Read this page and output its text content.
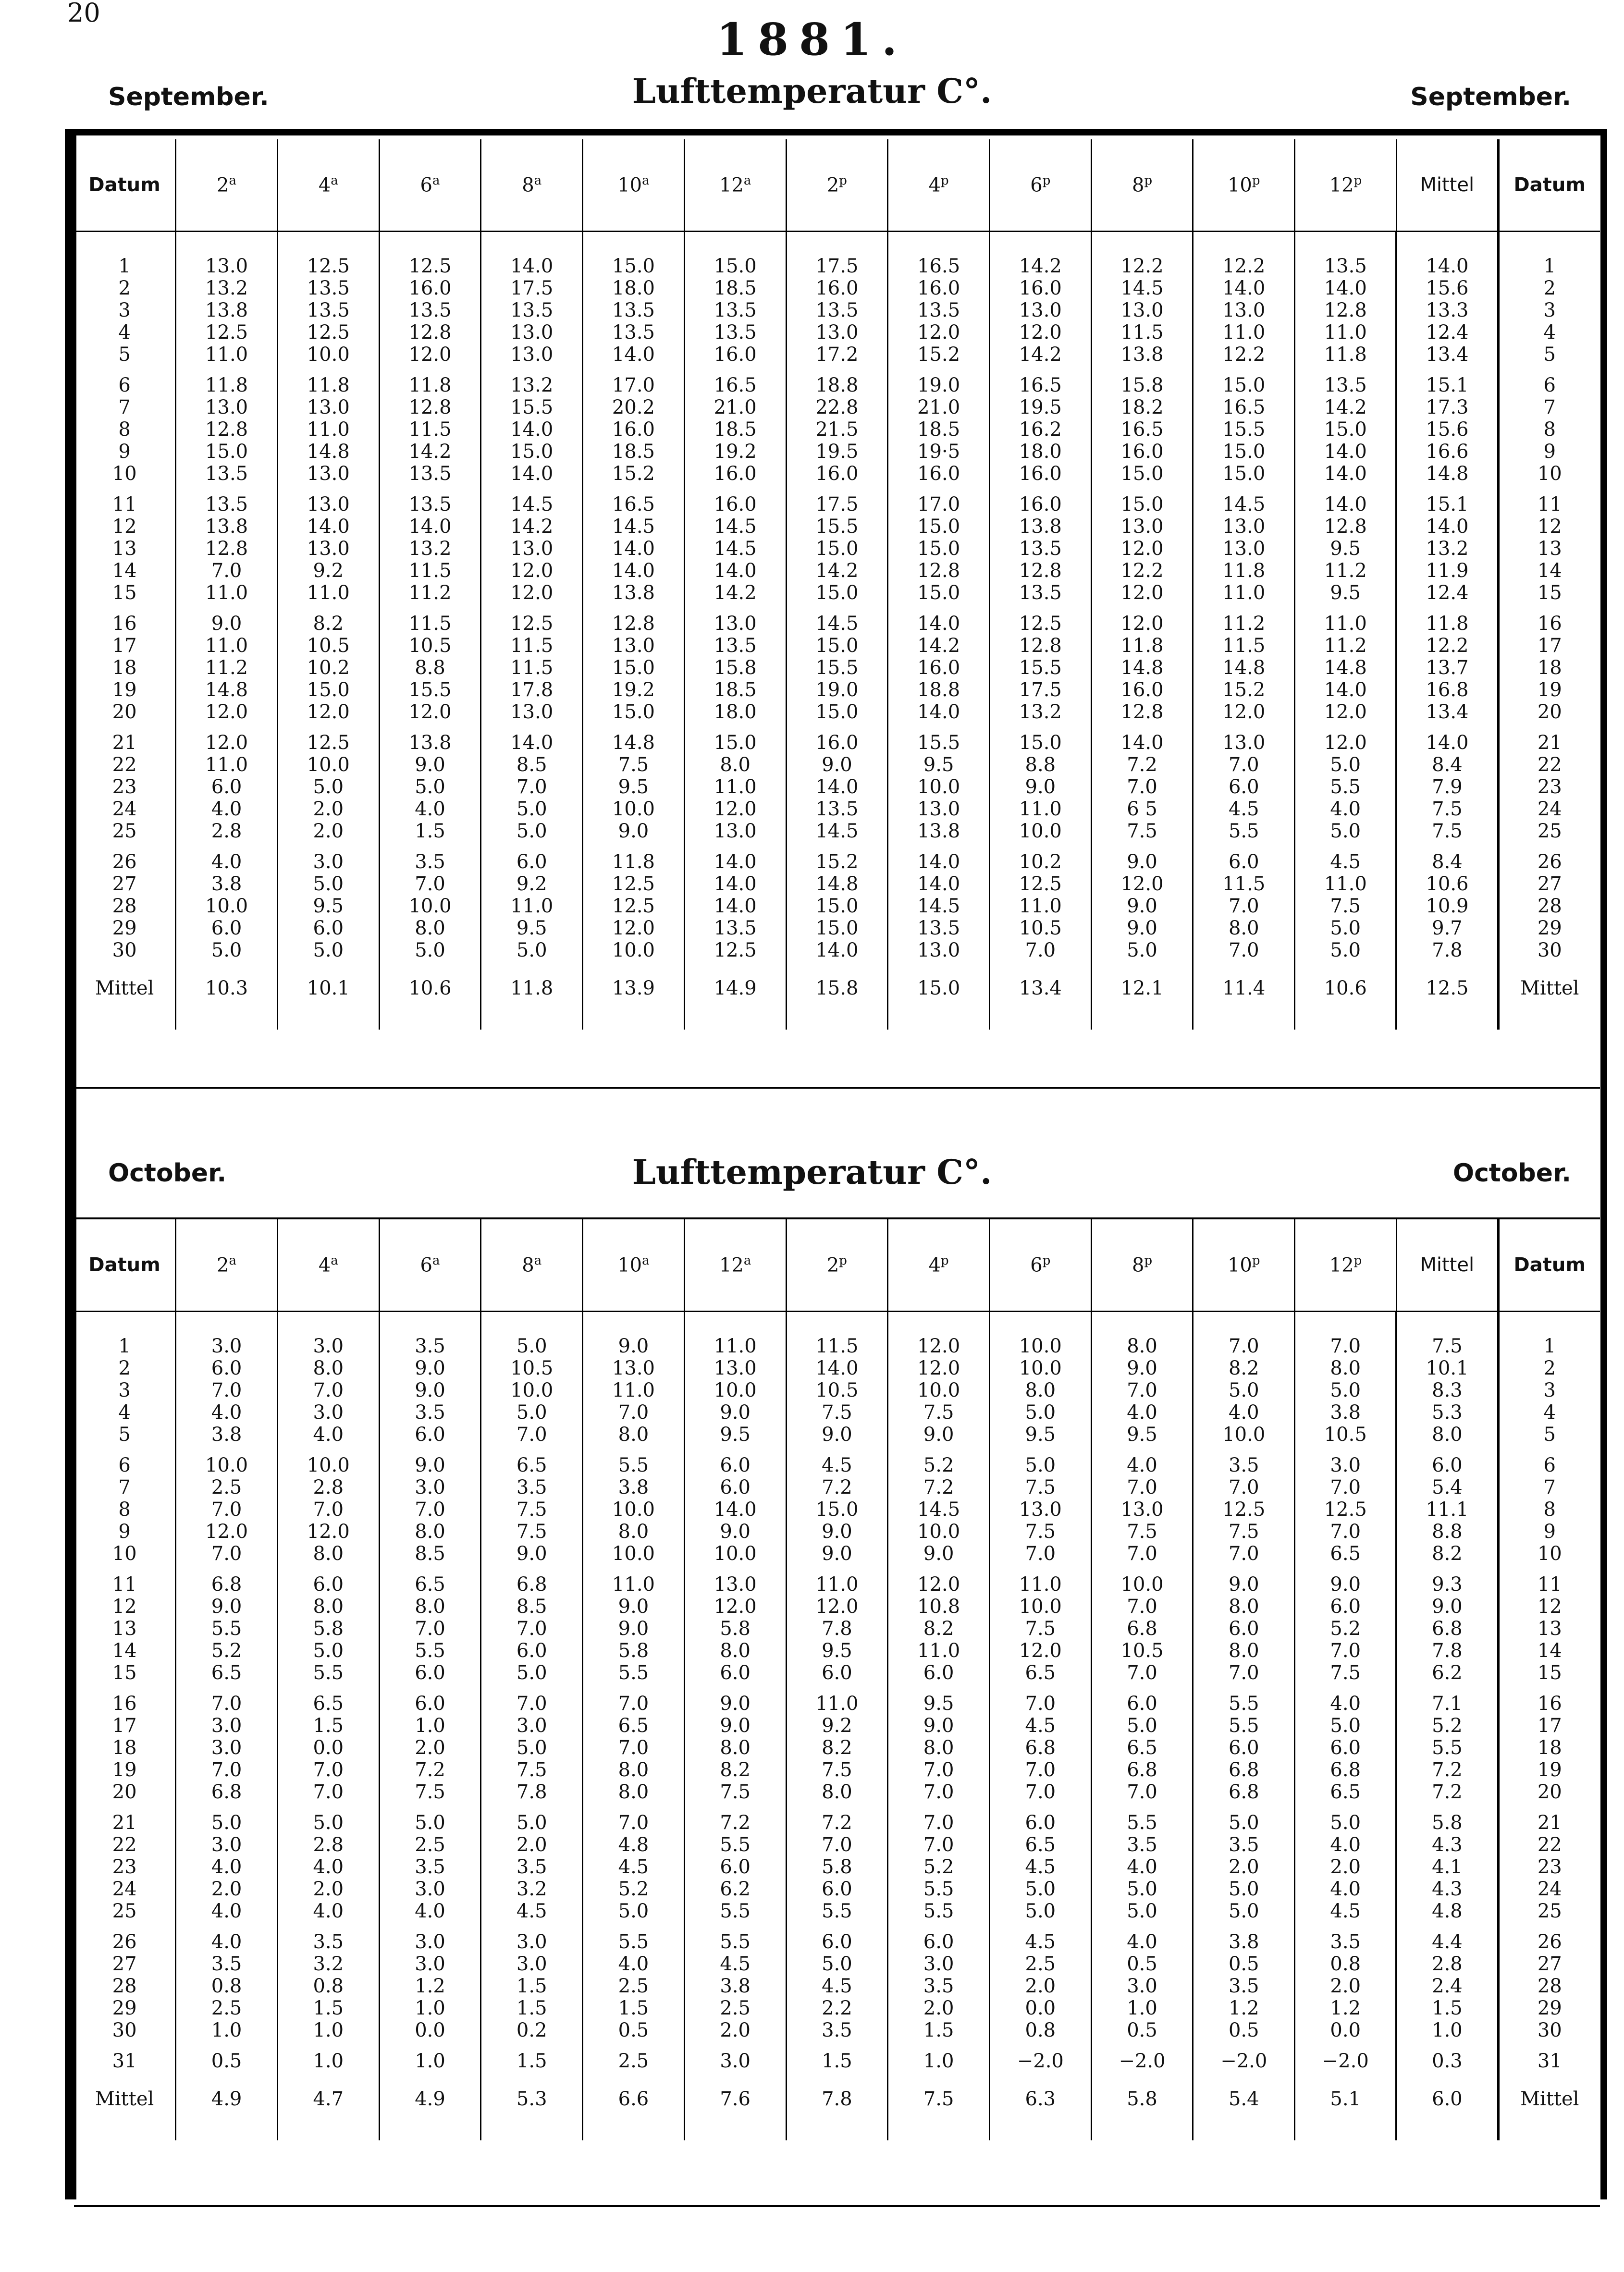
20
1881.
September.	Lufttemperatur C°.	September.
Datum	2$^a$	4$^a$	6$^a$	8$^a$	10$^a$	12$^a$	2$^p$	4$^p$	6$^p$	8$^p$	10$^p$	12$^p$	Mittel	Datum

1	13.0	12.5	12.5	14.0	15.0	15.0	17.5	16.5	14.2	12.2	12.2	13.5	14.0	1
2	13.2	13.5	16.0	17.5	18.0	18.5	16.0	16.0	16.0	14.5	14.0	14.0	15.6	2
3	13.8	13.5	13.5	13.5	13.5	13.5	13.5	13.5	13.0	13.0	13.0	12.8	13.3	3
4	12.5	12.5	12.8	13.0	13.5	13.5	13.0	12.0	12.0	11.5	11.0	11.0	12.4	4
5	11.0	10.0	12.0	13.0	14.0	16.0	17.2	15.2	14.2	13.8	12.2	11.8	13.4	5

6	11.8	11.8	11.8	13.2	17.0	16.5	18.8	19.0	16.5	15.8	15.0	13.5	15.1	6
7	13.0	13.0	12.8	15.5	20.2	21.0	22.8	21.0	19.5	18.2	16.5	14.2	17.3	7
8	12.8	11.0	11.5	14.0	16.0	18.5	21.5	18.5	16.2	16.5	15.5	15.0	15.6	8
9	15.0	14.8	14.2	15.0	18.5	19.2	19.5	19·5	18.0	16.0	15.0	14.0	16.6	9
10	13.5	13.0	13.5	14.0	15.2	16.0	16.0	16.0	16.0	15.0	15.0	14.0	14.8	10

11	13.5	13.0	13.5	14.5	16.5	16.0	17.5	17.0	16.0	15.0	14.5	14.0	15.1	11
12	13.8	14.0	14.0	14.2	14.5	14.5	15.5	15.0	13.8	13.0	13.0	12.8	14.0	12
13	12.8	13.0	13.2	13.0	14.0	14.5	15.0	15.0	13.5	12.0	13.0	9.5	13.2	13
14	7.0	9.2	11.5	12.0	14.0	14.0	14.2	12.8	12.8	12.2	11.8	11.2	11.9	14
15	11.0	11.0	11.2	12.0	13.8	14.2	15.0	15.0	13.5	12.0	11.0	9.5	12.4	15

16	9.0	8.2	11.5	12.5	12.8	13.0	14.5	14.0	12.5	12.0	11.2	11.0	11.8	16
17	11.0	10.5	10.5	11.5	13.0	13.5	15.0	14.2	12.8	11.8	11.5	11.2	12.2	17
18	11.2	10.2	8.8	11.5	15.0	15.8	15.5	16.0	15.5	14.8	14.8	14.8	13.7	18
19	14.8	15.0	15.5	17.8	19.2	18.5	19.0	18.8	17.5	16.0	15.2	14.0	16.8	19
20	12.0	12.0	12.0	13.0	15.0	18.0	15.0	14.0	13.2	12.8	12.0	12.0	13.4	20

21	12.0	12.5	13.8	14.0	14.8	15.0	16.0	15.5	15.0	14.0	13.0	12.0	14.0	21
22	11.0	10.0	9.0	8.5	7.5	8.0	9.0	9.5	8.8	7.2	7.0	5.0	8.4	22
23	6.0	5.0	5.0	7.0	9.5	11.0	14.0	10.0	9.0	7.0	6.0	5.5	7.9	23
24	4.0	2.0	4.0	5.0	10.0	12.0	13.5	13.0	11.0	6 5	4.5	4.0	7.5	24
25	2.8	2.0	1.5	5.0	9.0	13.0	14.5	13.8	10.0	7.5	5.5	5.0	7.5	25

26	4.0	3.0	3.5	6.0	11.8	14.0	15.2	14.0	10.2	9.0	6.0	4.5	8.4	26
27	3.8	5.0	7.0	9.2	12.5	14.0	14.8	14.0	12.5	12.0	11.5	11.0	10.6	27
28	10.0	9.5	10.0	11.0	12.5	14.0	15.0	14.5	11.0	9.0	7.0	7.5	10.9	28
29	6.0	6.0	8.0	9.5	12.0	13.5	15.0	13.5	10.5	9.0	8.0	5.0	9.7	29
30	5.0	5.0	5.0	5.0	10.0	12.5	14.0	13.0	7.0	5.0	7.0	5.0	7.8	30

Mittel	10.3	10.1	10.6	11.8	13.9	14.9	15.8	15.0	13.4	12.1	11.4	10.6	12.5	Mittel
October.	Lufttemperatur C°.	October.
Datum	2$^a$	4$^a$	6$^a$	8$^a$	10$^a$	12$^a$	2$^p$	4$^p$	6$^p$	8$^p$	10$^p$	12$^p$	Mittel	Datum

1	3.0	3.0	3.5	5.0	9.0	11.0	11.5	12.0	10.0	8.0	7.0	7.0	7.5	1
2	6.0	8.0	9.0	10.5	13.0	13.0	14.0	12.0	10.0	9.0	8.2	8.0	10.1	2
3	7.0	7.0	9.0	10.0	11.0	10.0	10.5	10.0	8.0	7.0	5.0	5.0	8.3	3
4	4.0	3.0	3.5	5.0	7.0	9.0	7.5	7.5	5.0	4.0	4.0	3.8	5.3	4
5	3.8	4.0	6.0	7.0	8.0	9.5	9.0	9.0	9.5	9.5	10.0	10.5	8.0	5

6	10.0	10.0	9.0	6.5	5.5	6.0	4.5	5.2	5.0	4.0	3.5	3.0	6.0	6
7	2.5	2.8	3.0	3.5	3.8	6.0	7.2	7.2	7.5	7.0	7.0	7.0	5.4	7
8	7.0	7.0	7.0	7.5	10.0	14.0	15.0	14.5	13.0	13.0	12.5	12.5	11.1	8
9	12.0	12.0	8.0	7.5	8.0	9.0	9.0	10.0	7.5	7.5	7.5	7.0	8.8	9
10	7.0	8.0	8.5	9.0	10.0	10.0	9.0	9.0	7.0	7.0	7.0	6.5	8.2	10

11	6.8	6.0	6.5	6.8	11.0	13.0	11.0	12.0	11.0	10.0	9.0	9.0	9.3	11
12	9.0	8.0	8.0	8.5	9.0	12.0	12.0	10.8	10.0	7.0	8.0	6.0	9.0	12
13	5.5	5.8	7.0	7.0	9.0	5.8	7.8	8.2	7.5	6.8	6.0	5.2	6.8	13
14	5.2	5.0	5.5	6.0	5.8	8.0	9.5	11.0	12.0	10.5	8.0	7.0	7.8	14
15	6.5	5.5	6.0	5.0	5.5	6.0	6.0	6.0	6.5	7.0	7.0	7.5	6.2	15

16	7.0	6.5	6.0	7.0	7.0	9.0	11.0	9.5	7.0	6.0	5.5	4.0	7.1	16
17	3.0	1.5	1.0	3.0	6.5	9.0	9.2	9.0	4.5	5.0	5.5	5.0	5.2	17
18	3.0	0.0	2.0	5.0	7.0	8.0	8.2	8.0	6.8	6.5	6.0	6.0	5.5	18
19	7.0	7.0	7.2	7.5	8.0	8.2	7.5	7.0	7.0	6.8	6.8	6.8	7.2	19
20	6.8	7.0	7.5	7.8	8.0	7.5	8.0	7.0	7.0	7.0	6.8	6.5	7.2	20

21	5.0	5.0	5.0	5.0	7.0	7.2	7.2	7.0	6.0	5.5	5.0	5.0	5.8	21
22	3.0	2.8	2.5	2.0	4.8	5.5	7.0	7.0	6.5	3.5	3.5	4.0	4.3	22
23	4.0	4.0	3.5	3.5	4.5	6.0	5.8	5.2	4.5	4.0	2.0	2.0	4.1	23
24	2.0	2.0	3.0	3.2	5.2	6.2	6.0	5.5	5.0	5.0	5.0	4.0	4.3	24
25	4.0	4.0	4.0	4.5	5.0	5.5	5.5	5.5	5.0	5.0	5.0	4.5	4.8	25

26	4.0	3.5	3.0	3.0	5.5	5.5	6.0	6.0	4.5	4.0	3.8	3.5	4.4	26
27	3.5	3.2	3.0	3.0	4.0	4.5	5.0	3.0	2.5	0.5	0.5	0.8	2.8	27
28	0.8	0.8	1.2	1.5	2.5	3.8	4.5	3.5	2.0	3.0	3.5	2.0	2.4	28
29	2.5	1.5	1.0	1.5	1.5	2.5	2.2	2.0	0.0	1.0	1.2	1.2	1.5	29
30	1.0	1.0	0.0	0.2	0.5	2.0	3.5	1.5	0.8	0.5	0.5	0.0	1.0	30

31	0.5	1.0	1.0	1.5	2.5	3.0	1.5	1.0	−2.0	−2.0	−2.0	−2.0	0.3	31

Mittel	4.9	4.7	4.9	5.3	6.6	7.6	7.8	7.5	6.3	5.8	5.4	5.1	6.0	Mittel
